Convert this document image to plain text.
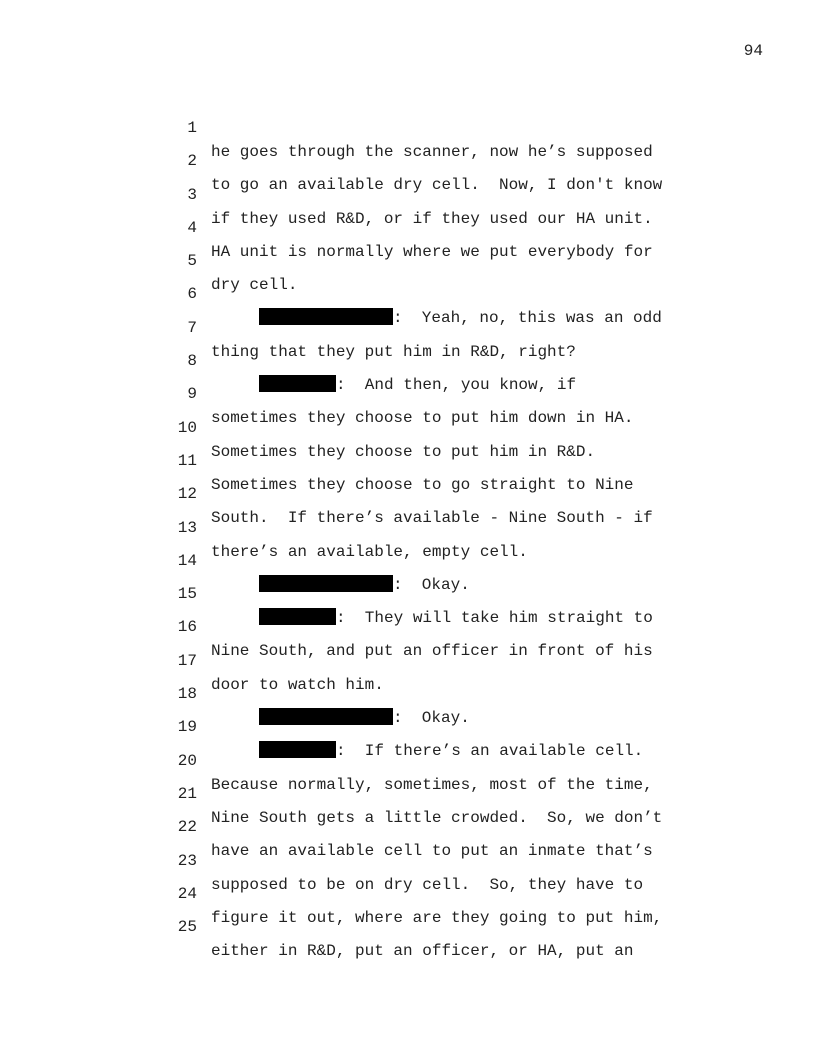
94

1

he goes through the scanner, now he’s supposed

2

to go an available dry cell.  Now, I don't know

3

if they used R&D, or if they used our HA unit.

4

HA unit is normally where we put everybody for

5

dry cell.

6

:  Yeah, no, this was an odd

7

thing that they put him in R&D, right?

8

:  And then, you know, if

9

sometimes they choose to put him down in HA.

10

Sometimes they choose to put him in R&D.

11

Sometimes they choose to go straight to Nine

12

South.  If there’s available - Nine South - if

13

there’s an available, empty cell.

14

:  Okay.

15

:  They will take him straight to

16

Nine South, and put an officer in front of his

17

door to watch him.

18

:  Okay.

19

:  If there’s an available cell.

20

Because normally, sometimes, most of the time,

21

Nine South gets a little crowded.  So, we don’t

22

have an available cell to put an inmate that’s

23

supposed to be on dry cell.  So, they have to

24

figure it out, where are they going to put him,

25

either in R&D, put an officer, or HA, put an
